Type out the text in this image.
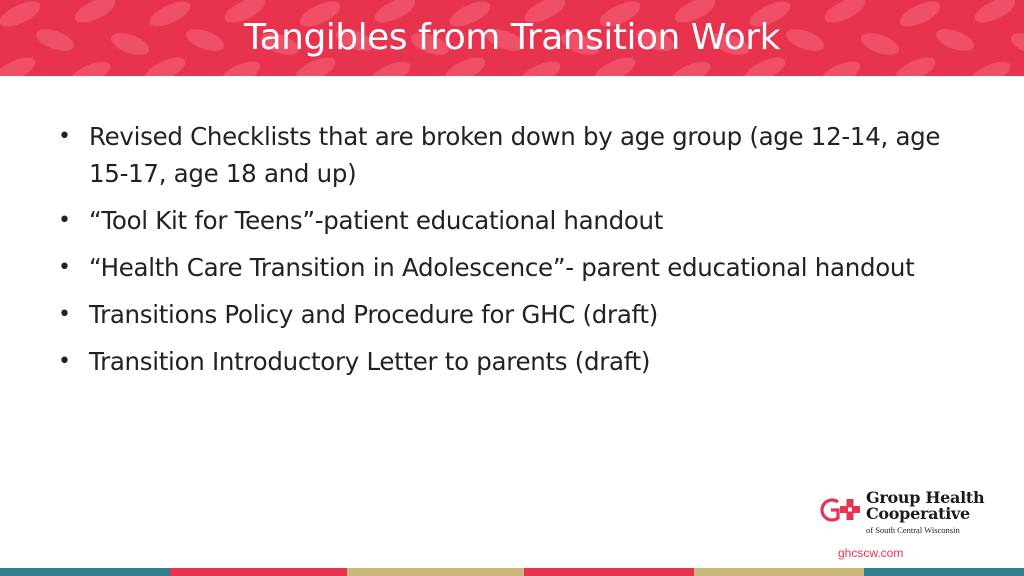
Tangibles from Transition Work
• Revised Checklists that are broken down by age group (age 12-14, age 15-17, age 18 and up)
• “Tool Kit for Teens”-patient educational handout
• “Health Care Transition in Adolescence”- parent educational handout
• Transitions Policy and Procedure for GHC (draft)
• Transition Introductory Letter to parents (draft)
Group Health
Cooperative
of South Central Wisconsin
ghcscw.com
